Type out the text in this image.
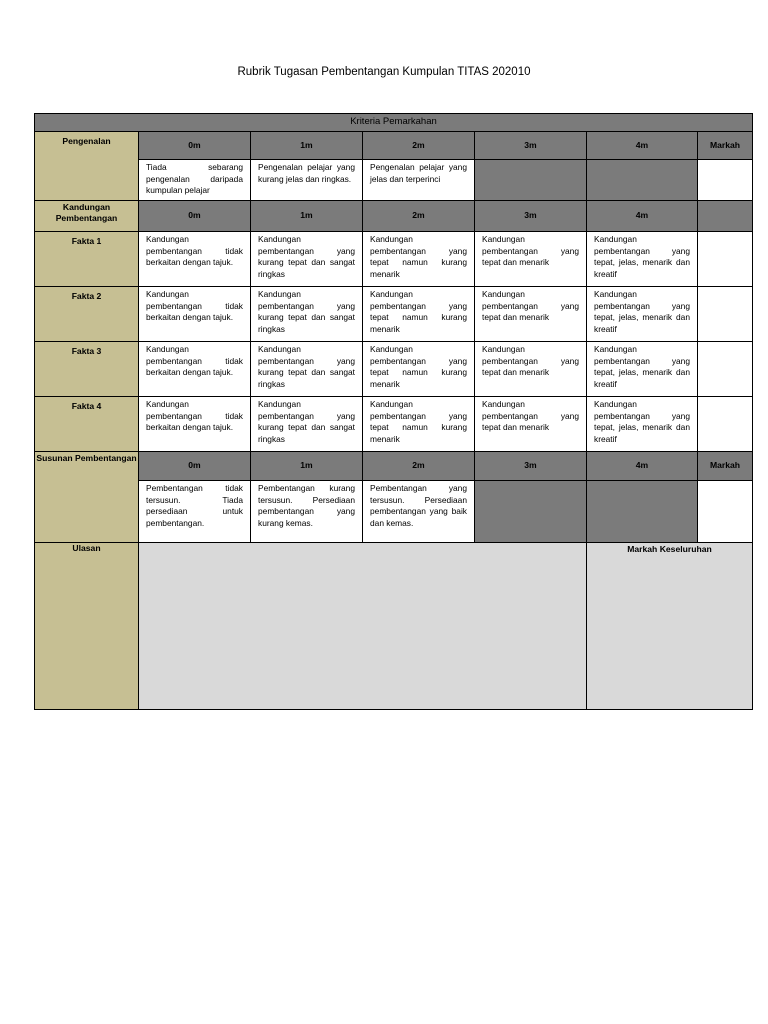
Rubrik Tugasan Pembentangan Kumpulan TITAS 202010
Kriteria Pemarkahan						
Pengenalan	0m	1m	2m	3m	4m	Markah
	Tiada sebarang pengenalan daripada kumpulan pelajar	Pengenalan pelajar yang kurang jelas dan ringkas.	Pengenalan pelajar yang jelas dan terperinci			
Kandungan Pembentangan	0m	1m	2m	3m	4m	
Fakta 1	Kandungan pembentangan tidak berkaitan dengan tajuk.	Kandungan pembentangan yang kurang tepat dan sangat ringkas	Kandungan pembentangan yang tepat namun kurang menarik	Kandungan pembentangan yang tepat dan menarik	Kandungan pembentangan yang tepat, jelas, menarik dan kreatif	
Fakta 2	Kandungan pembentangan tidak berkaitan dengan tajuk.	Kandungan pembentangan yang kurang tepat dan sangat ringkas	Kandungan pembentangan yang tepat namun kurang menarik	Kandungan pembentangan yang tepat dan menarik	Kandungan pembentangan yang tepat, jelas, menarik dan kreatif	
Fakta 3	Kandungan pembentangan tidak berkaitan dengan tajuk.	Kandungan pembentangan yang kurang tepat dan sangat ringkas	Kandungan pembentangan yang tepat namun kurang menarik	Kandungan pembentangan yang tepat dan menarik	Kandungan pembentangan yang tepat, jelas, menarik dan kreatif	
Fakta 4	Kandungan pembentangan tidak berkaitan dengan tajuk.	Kandungan pembentangan yang kurang tepat dan sangat ringkas	Kandungan pembentangan yang tepat namun kurang menarik	Kandungan pembentangan yang tepat dan menarik	Kandungan pembentangan yang tepat, jelas, menarik dan kreatif	
Susunan Pembentangan	0m	1m	2m	3m	4m	Markah
	Pembentangan tidak tersusun. Tiada persediaan untuk pembentangan.	Pembentangan kurang tersusun. Persediaan pembentangan yang kurang kemas.	Pembentangan yang tersusun. Persediaan pembentangan yang baik dan kemas.			
Ulasan					Markah Keseluruhan	
